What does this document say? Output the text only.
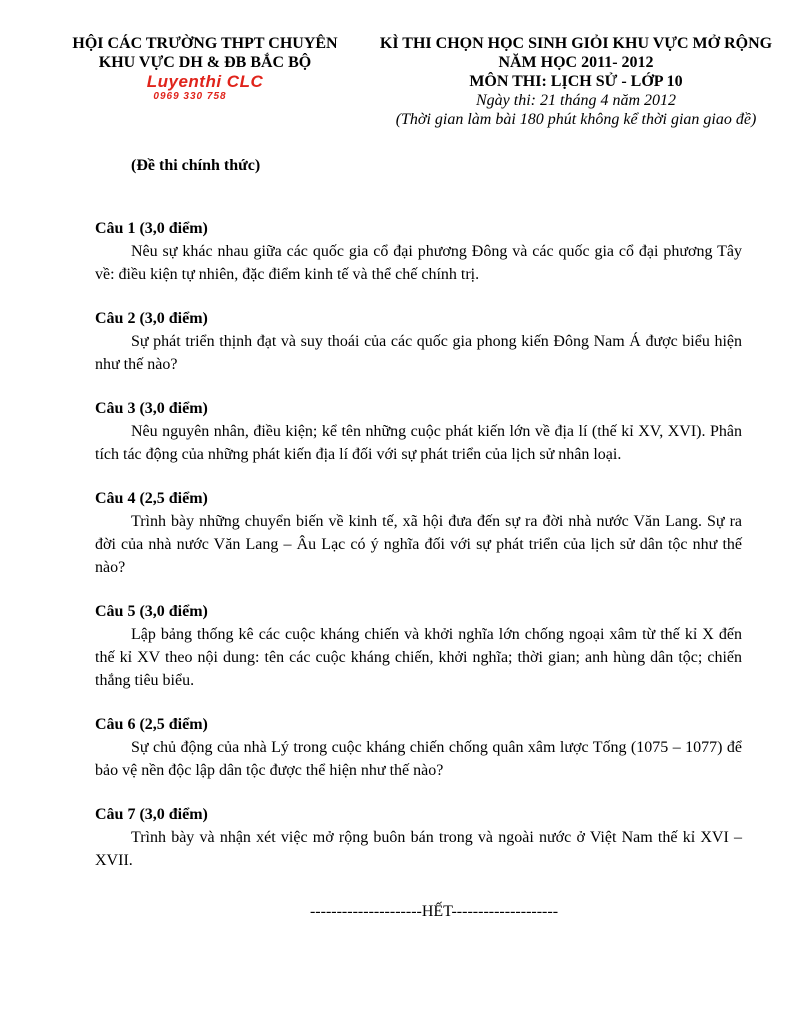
HỘI CÁC TRƯỜNG THPT CHUYÊN
KHU VỰC DH & ĐB BẮC BỘ
Luyenthi CLC
0969 330 758
KÌ THI CHỌN HỌC SINH GIỎI KHU VỰC MỞ RỘNG
NĂM HỌC 2011- 2012
MÔN THI: LỊCH SỬ - LỚP 10
Ngày thi: 21 tháng 4 năm 2012
(Thời gian làm bài 180 phút không kể thời gian giao đề)
(Đề thi chính thức)
Câu 1 (3,0 điểm)
Nêu sự khác nhau giữa các quốc gia cổ đại phương Đông và các quốc gia cổ đại phương Tây về: điều kiện tự nhiên, đặc điểm kinh tế và thể chế chính trị.
Câu 2 (3,0 điểm)
Sự phát triển thịnh đạt và suy thoái của các quốc gia phong kiến Đông Nam Á được biểu hiện như thế nào?
Câu 3 (3,0 điểm)
Nêu nguyên nhân, điều kiện; kể tên những cuộc phát kiến lớn về địa lí (thế kỉ XV, XVI). Phân tích tác động của những phát kiến địa lí đối với sự phát triển của lịch sử nhân loại.
Câu 4 (2,5 điểm)
Trình bày những chuyển biến về kinh tế, xã hội đưa đến sự ra đời nhà nước Văn Lang. Sự ra đời của nhà nước Văn Lang – Âu Lạc có ý nghĩa đối với sự phát triển của lịch sử dân tộc như thế nào?
Câu 5 (3,0 điểm)
Lập bảng thống kê các cuộc kháng chiến và khởi nghĩa lớn chống ngoại xâm từ thế kỉ X đến thế kỉ XV theo nội dung: tên các cuộc kháng chiến, khởi nghĩa; thời gian; anh hùng dân tộc; chiến thắng tiêu biểu.
Câu 6 (2,5 điểm)
Sự chủ động của nhà Lý trong cuộc kháng chiến chống quân xâm lược Tống (1075 – 1077) để bảo vệ nền độc lập dân tộc được thể hiện như thế nào?
Câu 7 (3,0 điểm)
Trình bày và nhận xét việc mở rộng buôn bán trong và ngoài nước ở Việt Nam thế kỉ XVI – XVII.
---------------------HẾT--------------------
